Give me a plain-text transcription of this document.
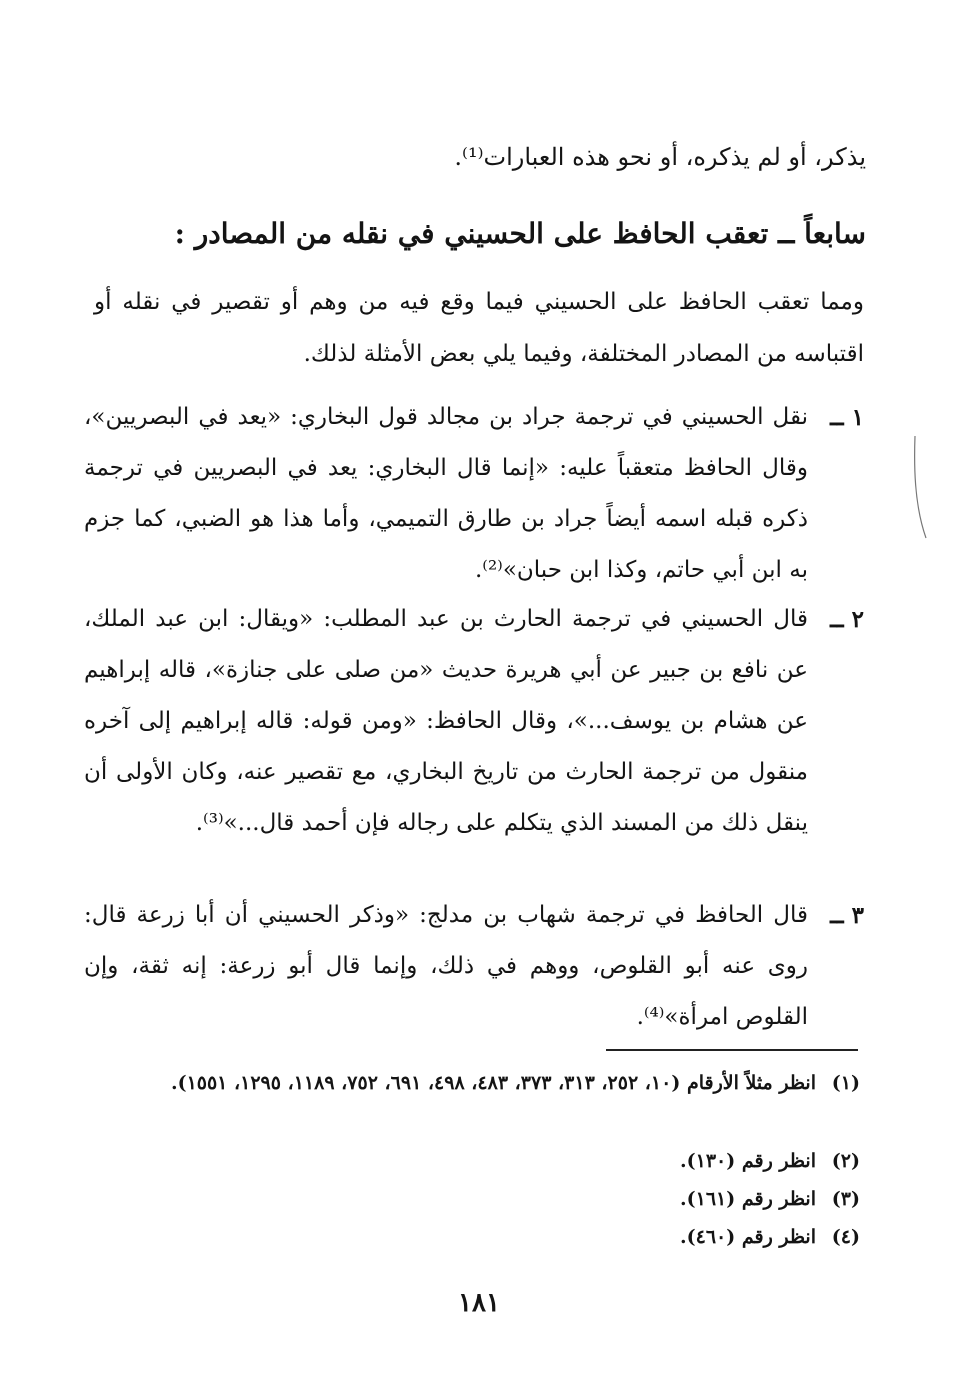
يذكر، أو لم يذكره، أو نحو هذه العبارات⁽¹⁾.
سابعاً ــ تعقب الحافظ على الحسيني في نقله من المصادر :
ومما تعقب الحافظ على الحسيني فيما وقع فيه من وهم أو تقصير في نقله أو اقتباسه من المصادر المختلفة، وفيما يلي بعض الأمثلة لذلك.
١ ــ
نقل الحسيني في ترجمة جراد بن مجالد قول البخاري: «يعد في البصريين»، وقال الحافظ متعقباً عليه: «إنما قال البخاري: يعد في البصريين في ترجمة ذكره قبله اسمه أيضاً جراد بن طارق التميمي، وأما هذا هو الضبي، كما جزم به ابن أبي حاتم، وكذا ابن حبان»⁽²⁾.
٢ ــ
قال الحسيني في ترجمة الحارث بن عبد المطلب: «ويقال: ابن عبد الملك، عن نافع بن جبير عن أبي هريرة حديث «من صلى على جنازة»، قاله إبراهيم عن هشام بن يوسف...»، وقال الحافظ: «ومن قوله: قاله إبراهيم إلى آخره منقول من ترجمة الحارث من تاريخ البخاري، مع تقصير عنه، وكان الأولى أن ينقل ذلك من المسند الذي يتكلم على رجاله فإن أحمد قال...»⁽³⁾.
٣ ــ
قال الحافظ في ترجمة شهاب بن مدلج: «وذكر الحسيني أن أبا زرعة قال: روى عنه أبو القلوص، ووهم في ذلك، وإنما قال أبو زرعة: إنه ثقة، وإن القلوص امرأة»⁽⁴⁾.
(١)
انظر مثلاً الأرقام (١٠، ٢٥٢، ٣١٣، ٣٧٣، ٤٨٣، ٤٩٨، ٦٩١، ٧٥٢، ١١٨٩، ١٢٩٥، ١٥٥١).
(٢)
انظر رقم (١٣٠).
(٣)
انظر رقم (١٦١).
(٤)
انظر رقم (٤٦٠).
١٨١
